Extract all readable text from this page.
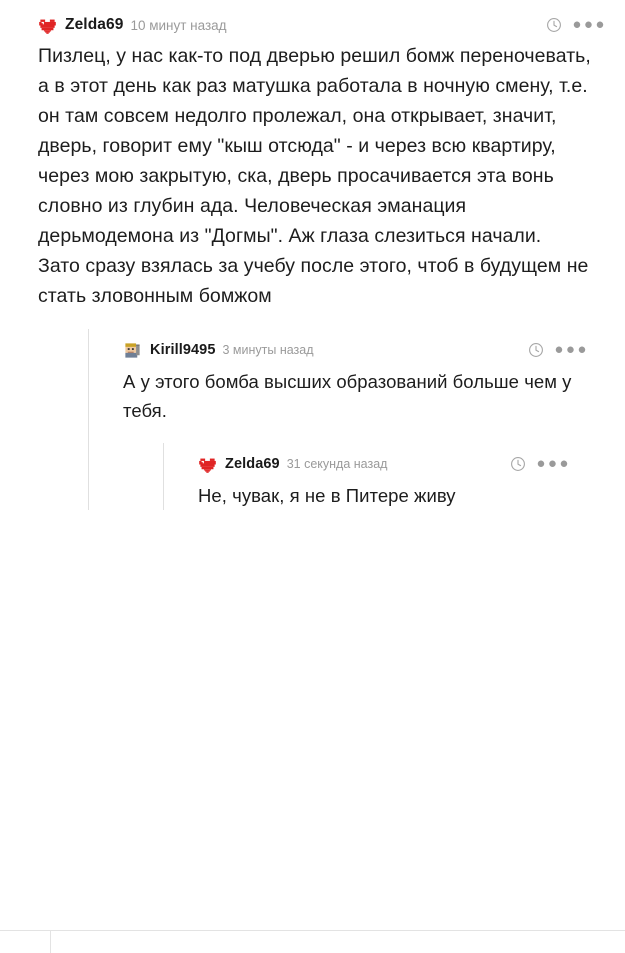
Zelda69 10 минут назад	●●●
Пизлец, у нас как-то под дверью решил бомж переночевать, а в этот день как раз матушка работала в ночную смену, т.е. он там совсем недолго пролежал, она открывает, значит, дверь, говорит ему "кыш отсюда" - и через всю квартиру, через мою закрытую, ска, дверь просачивается эта вонь словно из глубин ада. Человеческая эманация дерьмодемона из "Догмы". Аж глаза слезиться начали.
Зато сразу взялась за учебу после этого, чтоб в будущем не стать зловонным бомжом
Kirill9495 3 минуты назад	●●●
А у этого бомба высших образований больше чем у тебя.
Zelda69 31 секунда назад	●●●
Не, чувак, я не в Питере живу
